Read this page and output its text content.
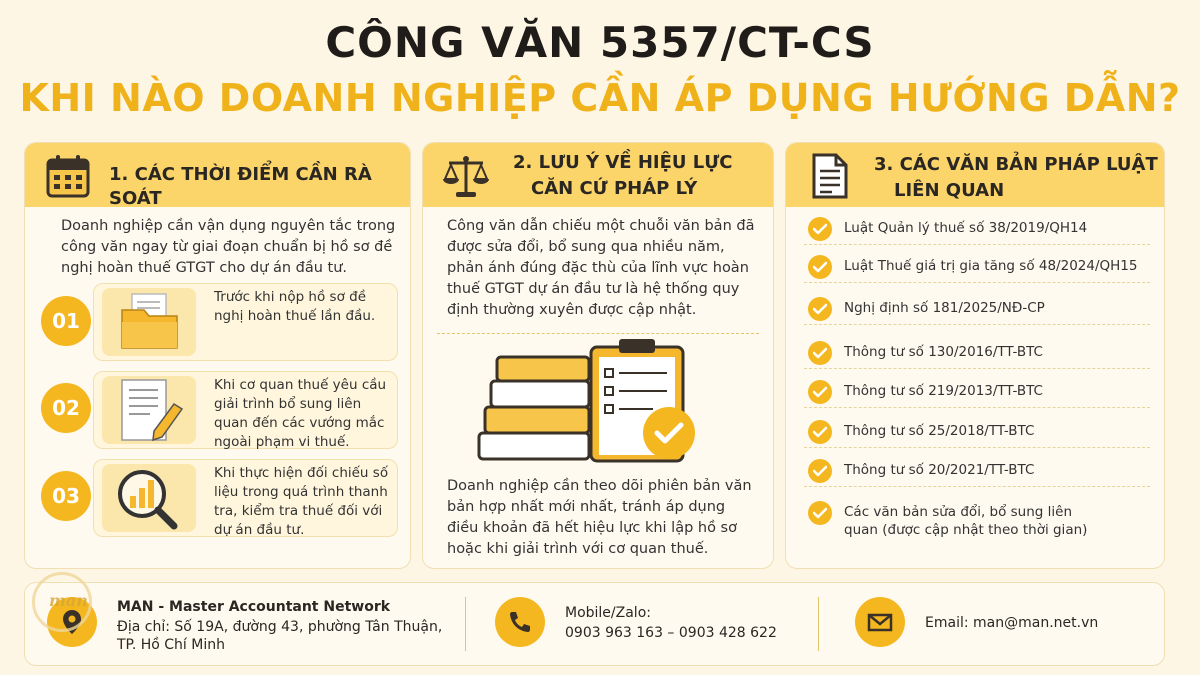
CÔNG VĂN 5357/CT-CS
KHI NÀO DOANH NGHIỆP CẦN ÁP DỤNG HƯỚNG DẪN?
1. CÁC THỜI ĐIỂM CẦN RÀ SOÁT
Doanh nghiệp cần vận dụng nguyên tắc trong công văn ngay từ giai đoạn chuẩn bị hồ sơ đề nghị hoàn thuế GTGT cho dự án đầu tư.
01
Trước khi nộp hồ sơ đề nghị hoàn thuế lần đầu.
02
Khi cơ quan thuế yêu cầu giải trình bổ sung liên quan đến các vướng mắc ngoài phạm vi thuế.
03
Khi thực hiện đối chiếu số liệu trong quá trình thanh tra, kiểm tra thuế đối với dự án đầu tư.
2. LƯU Ý VỀ HIỆU LỰC
CĂN CỨ PHÁP LÝ
Công văn dẫn chiếu một chuỗi văn bản đã được sửa đổi, bổ sung qua nhiều năm, phản ánh đúng đặc thù của lĩnh vực hoàn thuế GTGT dự án đầu tư là hệ thống quy định thường xuyên được cập nhật.
Doanh nghiệp cần theo dõi phiên bản văn bản hợp nhất mới nhất, tránh áp dụng điều khoản đã hết hiệu lực khi lập hồ sơ hoặc khi giải trình với cơ quan thuế.
3. CÁC VĂN BẢN PHÁP LUẬT
LIÊN QUAN
Luật Quản lý thuế số 38/2019/QH14
Luật Thuế giá trị gia tăng số 48/2024/QH15
Nghị định số 181/2025/NĐ-CP
Thông tư số 130/2016/TT-BTC
Thông tư số 219/2013/TT-BTC
Thông tư số 25/2018/TT-BTC
Thông tư số 20/2021/TT-BTC
Các văn bản sửa đổi, bổ sung liên quan (được cập nhật theo thời gian)
MAN - Master Accountant Network
Địa chỉ: Số 19A, đường 43, phường Tân Thuận,
TP. Hồ Chí Minh
Mobile/Zalo:
0903 963 163 – 0903 428 622
Email: man@man.net.vn
man
